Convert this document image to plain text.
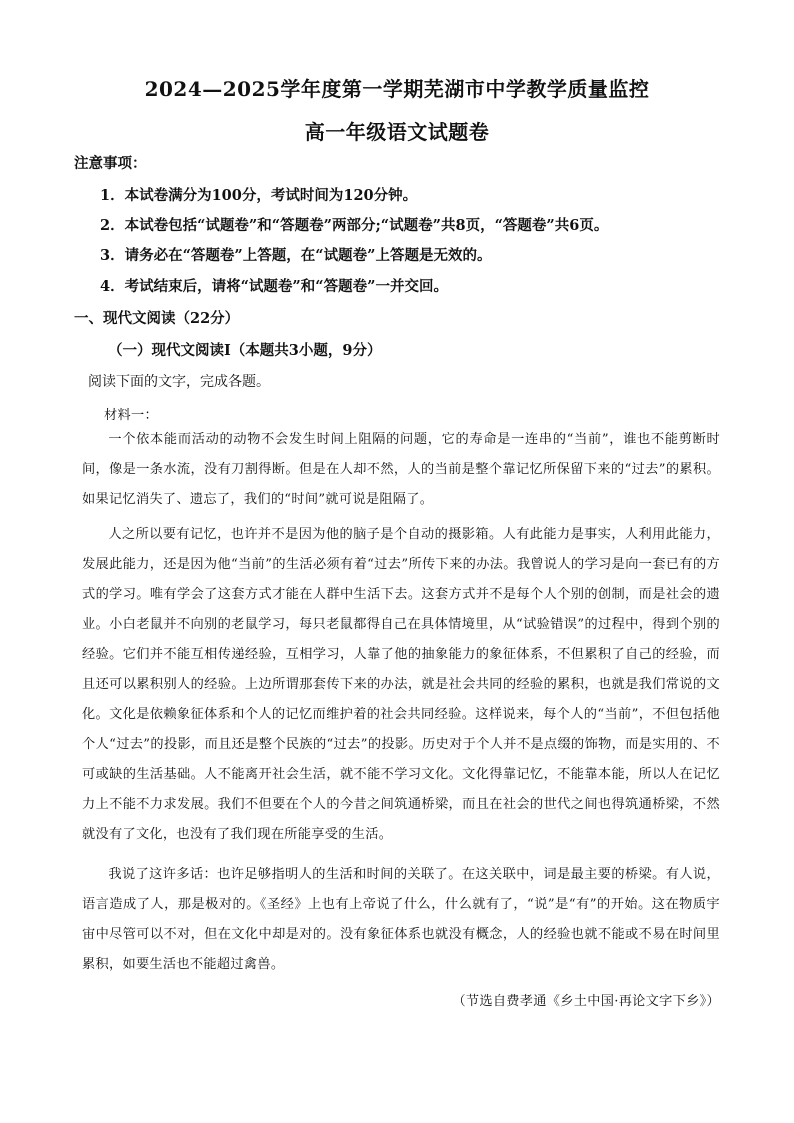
2024—2025学年度第一学期芜湖市中学教学质量监控
高一年级语文试题卷
注意事项：
1．本试卷满分为100分，考试时间为120分钟。
2．本试卷包括“试题卷”和“答题卷”两部分;“试题卷”共8页，“答题卷”共6页。
3．请务必在“答题卷”上答题，在“试题卷”上答题是无效的。
4．考试结束后，请将“试题卷”和“答题卷”一并交回。
一、现代文阅读（22分）
（一）现代文阅读Ⅰ（本题共3小题，9分）
阅读下面的文字，完成各题。
材料一：
一个依本能而活动的动物不会发生时间上阻隔的问题，它的寿命是一连串的“当前”，谁也不能剪断时间，像是一条水流，没有刀割得断。但是在人却不然，人的当前是整个靠记忆所保留下来的“过去”的累积。如果记忆消失了、遗忘了，我们的“时间”就可说是阻隔了。
人之所以要有记忆，也许并不是因为他的脑子是个自动的摄影箱。人有此能力是事实，人利用此能力，发展此能力，还是因为他“当前”的生活必须有着“过去”所传下来的办法。我曾说人的学习是向一套已有的方式的学习。唯有学会了这套方式才能在人群中生活下去。这套方式并不是每个人个别的创制，而是社会的遗业。小白老鼠并不向别的老鼠学习，每只老鼠都得自己在具体情境里，从“试验错误”的过程中，得到个别的经验。它们并不能互相传递经验，互相学习，人靠了他的抽象能力的象征体系，不但累积了自己的经验，而且还可以累积别人的经验。上边所谓那套传下来的办法，就是社会共同的经验的累积，也就是我们常说的文化。文化是依赖象征体系和个人的记忆而维护着的社会共同经验。这样说来，每个人的“当前”，不但包括他个人“过去”的投影，而且还是整个民族的“过去”的投影。历史对于个人并不是点缀的饰物，而是实用的、不可或缺的生活基础。人不能离开社会生活，就不能不学习文化。文化得靠记忆，不能靠本能，所以人在记忆力上不能不力求发展。我们不但要在个人的今昔之间筑通桥梁，而且在社会的世代之间也得筑通桥梁，不然就没有了文化，也没有了我们现在所能享受的生活。
我说了这许多话：也许足够指明人的生活和时间的关联了。在这关联中，词是最主要的桥梁。有人说，语言造成了人，那是极对的。《圣经》上也有上帝说了什么，什么就有了，“说”是“有”的开始。这在物质宇宙中尽管可以不对，但在文化中却是对的。没有象征体系也就没有概念，人的经验也就不能或不易在时间里累积，如要生活也不能超过禽兽。
（节选自费孝通《乡土中国·再论文字下乡》）
